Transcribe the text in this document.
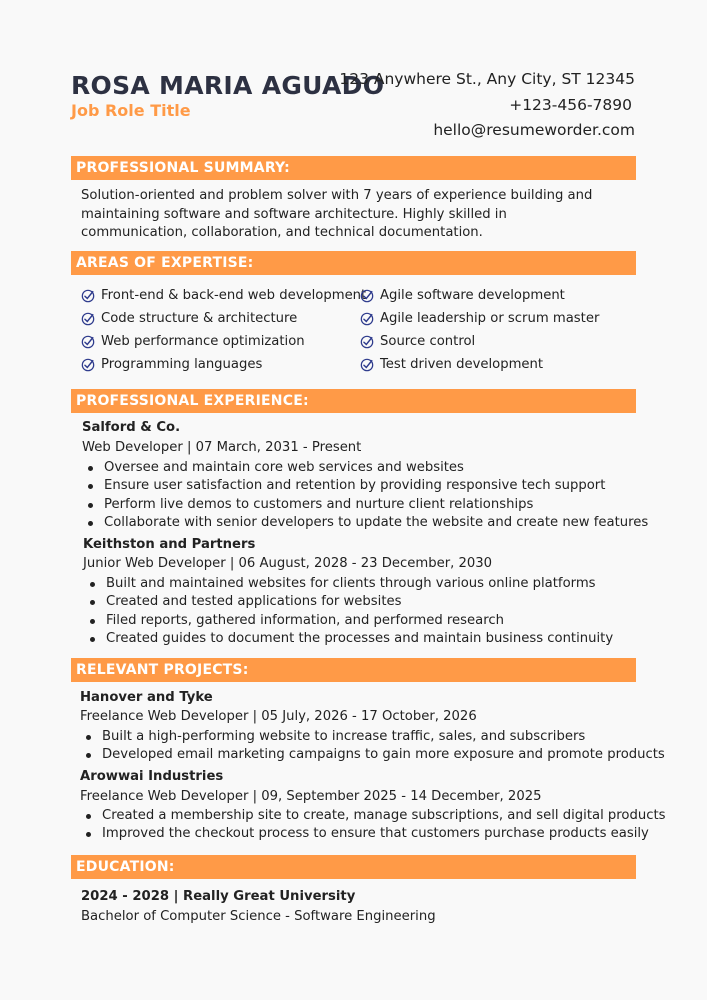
ROSA MARIA AGUADO
Job Role Title
123 Anywhere St., Any City, ST 12345
+123-456-7890
hello@resumeworder.com
PROFESSIONAL SUMMARY:
Solution-oriented and problem solver with 7 years of experience building and maintaining software and software architecture. Highly skilled in communication, collaboration, and technical documentation.
AREAS OF EXPERTISE:
Front-end & back-end web development
Code structure & architecture
Web performance optimization
Programming languages
Agile software development
Agile leadership or scrum master
Source control
Test driven development
PROFESSIONAL EXPERIENCE:
Salford & Co.
Web Developer | 07 March, 2031 - Present
Oversee and maintain core web services and websites
Ensure user satisfaction and retention by providing responsive tech support
Perform live demos to customers and nurture client relationships
Collaborate with senior developers to update the website and create new features
Keithston and Partners
Junior Web Developer | 06 August, 2028 - 23 December, 2030
Built and maintained websites for clients through various online platforms
Created and tested applications for websites
Filed reports, gathered information, and performed research
Created guides to document the processes and maintain business continuity
RELEVANT PROJECTS:
Hanover and Tyke
Freelance Web Developer | 05 July, 2026 - 17 October, 2026
Built a high-performing website to increase traffic, sales, and subscribers
Developed email marketing campaigns to gain more exposure and promote products
Arowwai Industries
Freelance Web Developer | 09, September 2025 - 14 December, 2025
Created a membership site to create, manage subscriptions, and sell digital products
Improved the checkout process to ensure that customers purchase products easily
EDUCATION:
2024 - 2028 | Really Great University
Bachelor of Computer Science - Software Engineering
